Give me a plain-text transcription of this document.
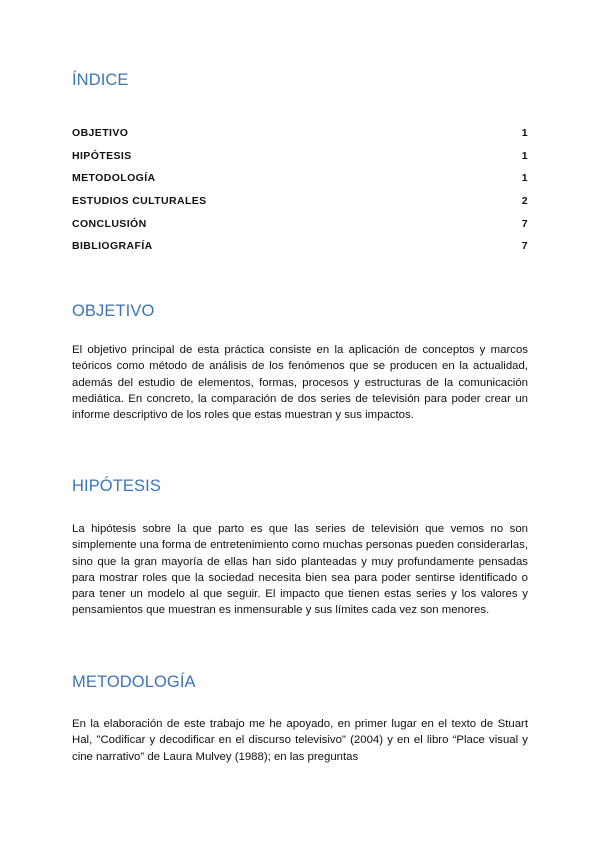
ÍNDICE
OBJETIVO	1
HIPÓTESIS	1
METODOLOGÍA	1
ESTUDIOS CULTURALES	2
CONCLUSIÓN	7
BIBLIOGRAFÍA	7
OBJETIVO
El objetivo principal de esta práctica consiste en la aplicación de conceptos y marcos teóricos como método de análisis de los fenómenos que se producen en la actualidad, además del estudio de elementos, formas, procesos y estructuras de la comunicación mediática. En concreto, la comparación de dos series de televisión para poder crear un informe descriptivo de los roles que estas muestran y sus impactos.
HIPÓTESIS
La hipótesis sobre la que parto es que las series de televisión que vemos no son simplemente una forma de entretenimiento como muchas personas pueden considerarlas, sino que la gran mayoría de ellas han sido planteadas y muy profundamente pensadas para mostrar roles que la sociedad necesita bien sea para poder sentirse identificado o para tener un modelo al que seguir. El impacto que tienen estas series y los valores y pensamientos que muestran es inmensurable y sus límites cada vez son menores.
METODOLOGÍA
En la elaboración de este trabajo me he apoyado, en primer lugar en el texto de Stuart Hal, "Codificar y decodificar en el discurso televisivo" (2004) y en el libro “Place visual y cine narrativo” de Laura Mulvey (1988); en las preguntas
